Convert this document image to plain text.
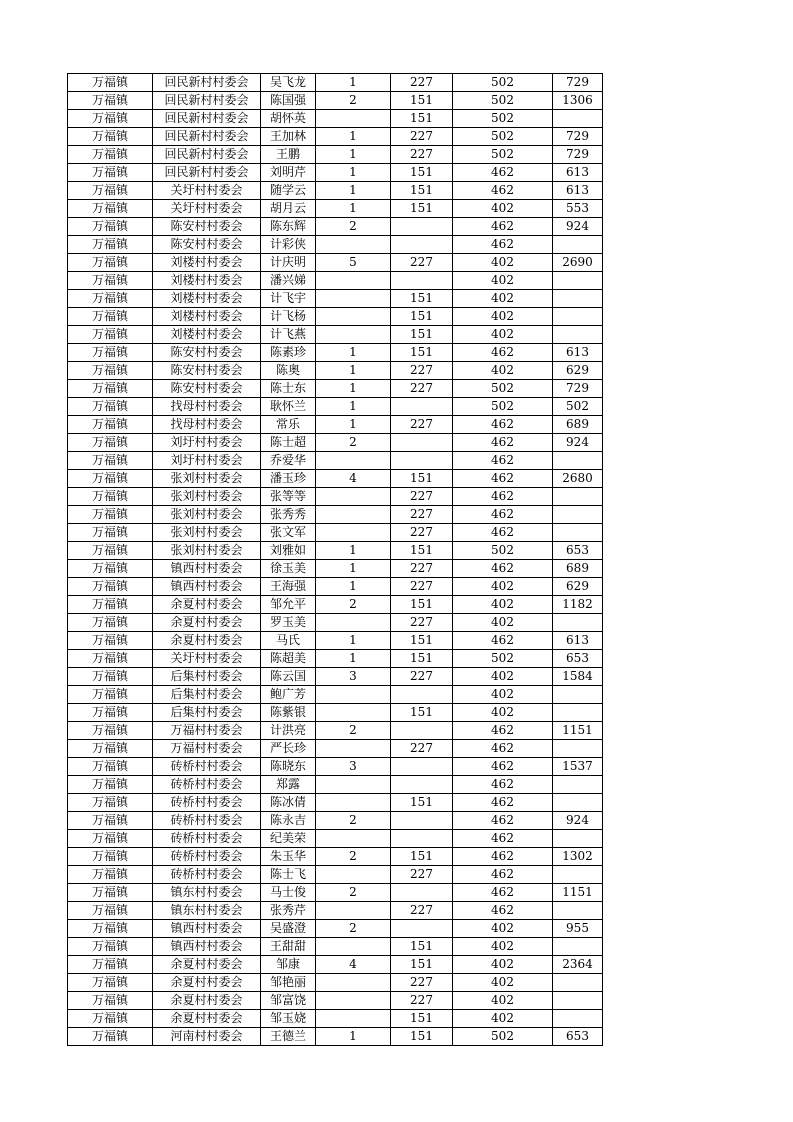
万福镇	回民新村村委会	吴飞龙	1	227	502	729
万福镇	回民新村村委会	陈国强	2	151	502	1306
万福镇	回民新村村委会	胡怀英		151	502	
万福镇	回民新村村委会	王加林	1	227	502	729
万福镇	回民新村村委会	王鹏	1	227	502	729
万福镇	回民新村村委会	刘明芹	1	151	462	613
万福镇	关圩村村委会	随学云	1	151	462	613
万福镇	关圩村村委会	胡月云	1	151	402	553
万福镇	陈安村村委会	陈东辉	2		462	924
万福镇	陈安村村委会	计彩侠			462	
万福镇	刘楼村村委会	计庆明	5	227	402	2690
万福镇	刘楼村村委会	潘兴娣			402	
万福镇	刘楼村村委会	计飞宇		151	402	
万福镇	刘楼村村委会	计飞杨		151	402	
万福镇	刘楼村村委会	计飞燕		151	402	
万福镇	陈安村村委会	陈素珍	1	151	462	613
万福镇	陈安村村委会	陈奥	1	227	402	629
万福镇	陈安村村委会	陈士东	1	227	502	729
万福镇	找母村村委会	耿怀兰	1		502	502
万福镇	找母村村委会	常乐	1	227	462	689
万福镇	刘圩村村委会	陈士超	2		462	924
万福镇	刘圩村村委会	乔爱华			462	
万福镇	张刘村村委会	潘玉珍	4	151	462	2680
万福镇	张刘村村委会	张等等		227	462	
万福镇	张刘村村委会	张秀秀		227	462	
万福镇	张刘村村委会	张文军		227	462	
万福镇	张刘村村委会	刘雅如	1	151	502	653
万福镇	镇西村村委会	徐玉美	1	227	462	689
万福镇	镇西村村委会	王海强	1	227	402	629
万福镇	余夏村村委会	邹允平	2	151	402	1182
万福镇	余夏村村委会	罗玉美		227	402	
万福镇	余夏村村委会	马氏	1	151	462	613
万福镇	关圩村村委会	陈超美	1	151	502	653
万福镇	后集村村委会	陈云国	3	227	402	1584
万福镇	后集村村委会	鲍广芳			402	
万福镇	后集村村委会	陈紫银		151	402	
万福镇	万福村村委会	计洪亮	2		462	1151
万福镇	万福村村委会	严长珍		227	462	
万福镇	砖桥村村委会	陈晓东	3		462	1537
万福镇	砖桥村村委会	郑露			462	
万福镇	砖桥村村委会	陈冰倩		151	462	
万福镇	砖桥村村委会	陈永吉	2		462	924
万福镇	砖桥村村委会	纪美荣			462	
万福镇	砖桥村村委会	朱玉华	2	151	462	1302
万福镇	砖桥村村委会	陈士飞		227	462	
万福镇	镇东村村委会	马士俊	2		462	1151
万福镇	镇东村村委会	张秀芹		227	462	
万福镇	镇西村村委会	吴盛澄	2		402	955
万福镇	镇西村村委会	王甜甜		151	402	
万福镇	余夏村村委会	邹康	4	151	402	2364
万福镇	余夏村村委会	邹艳丽		227	402	
万福镇	余夏村村委会	邹富饶		227	402	
万福镇	余夏村村委会	邹玉娆		151	402	
万福镇	河南村村委会	王德兰	1	151	502	653
